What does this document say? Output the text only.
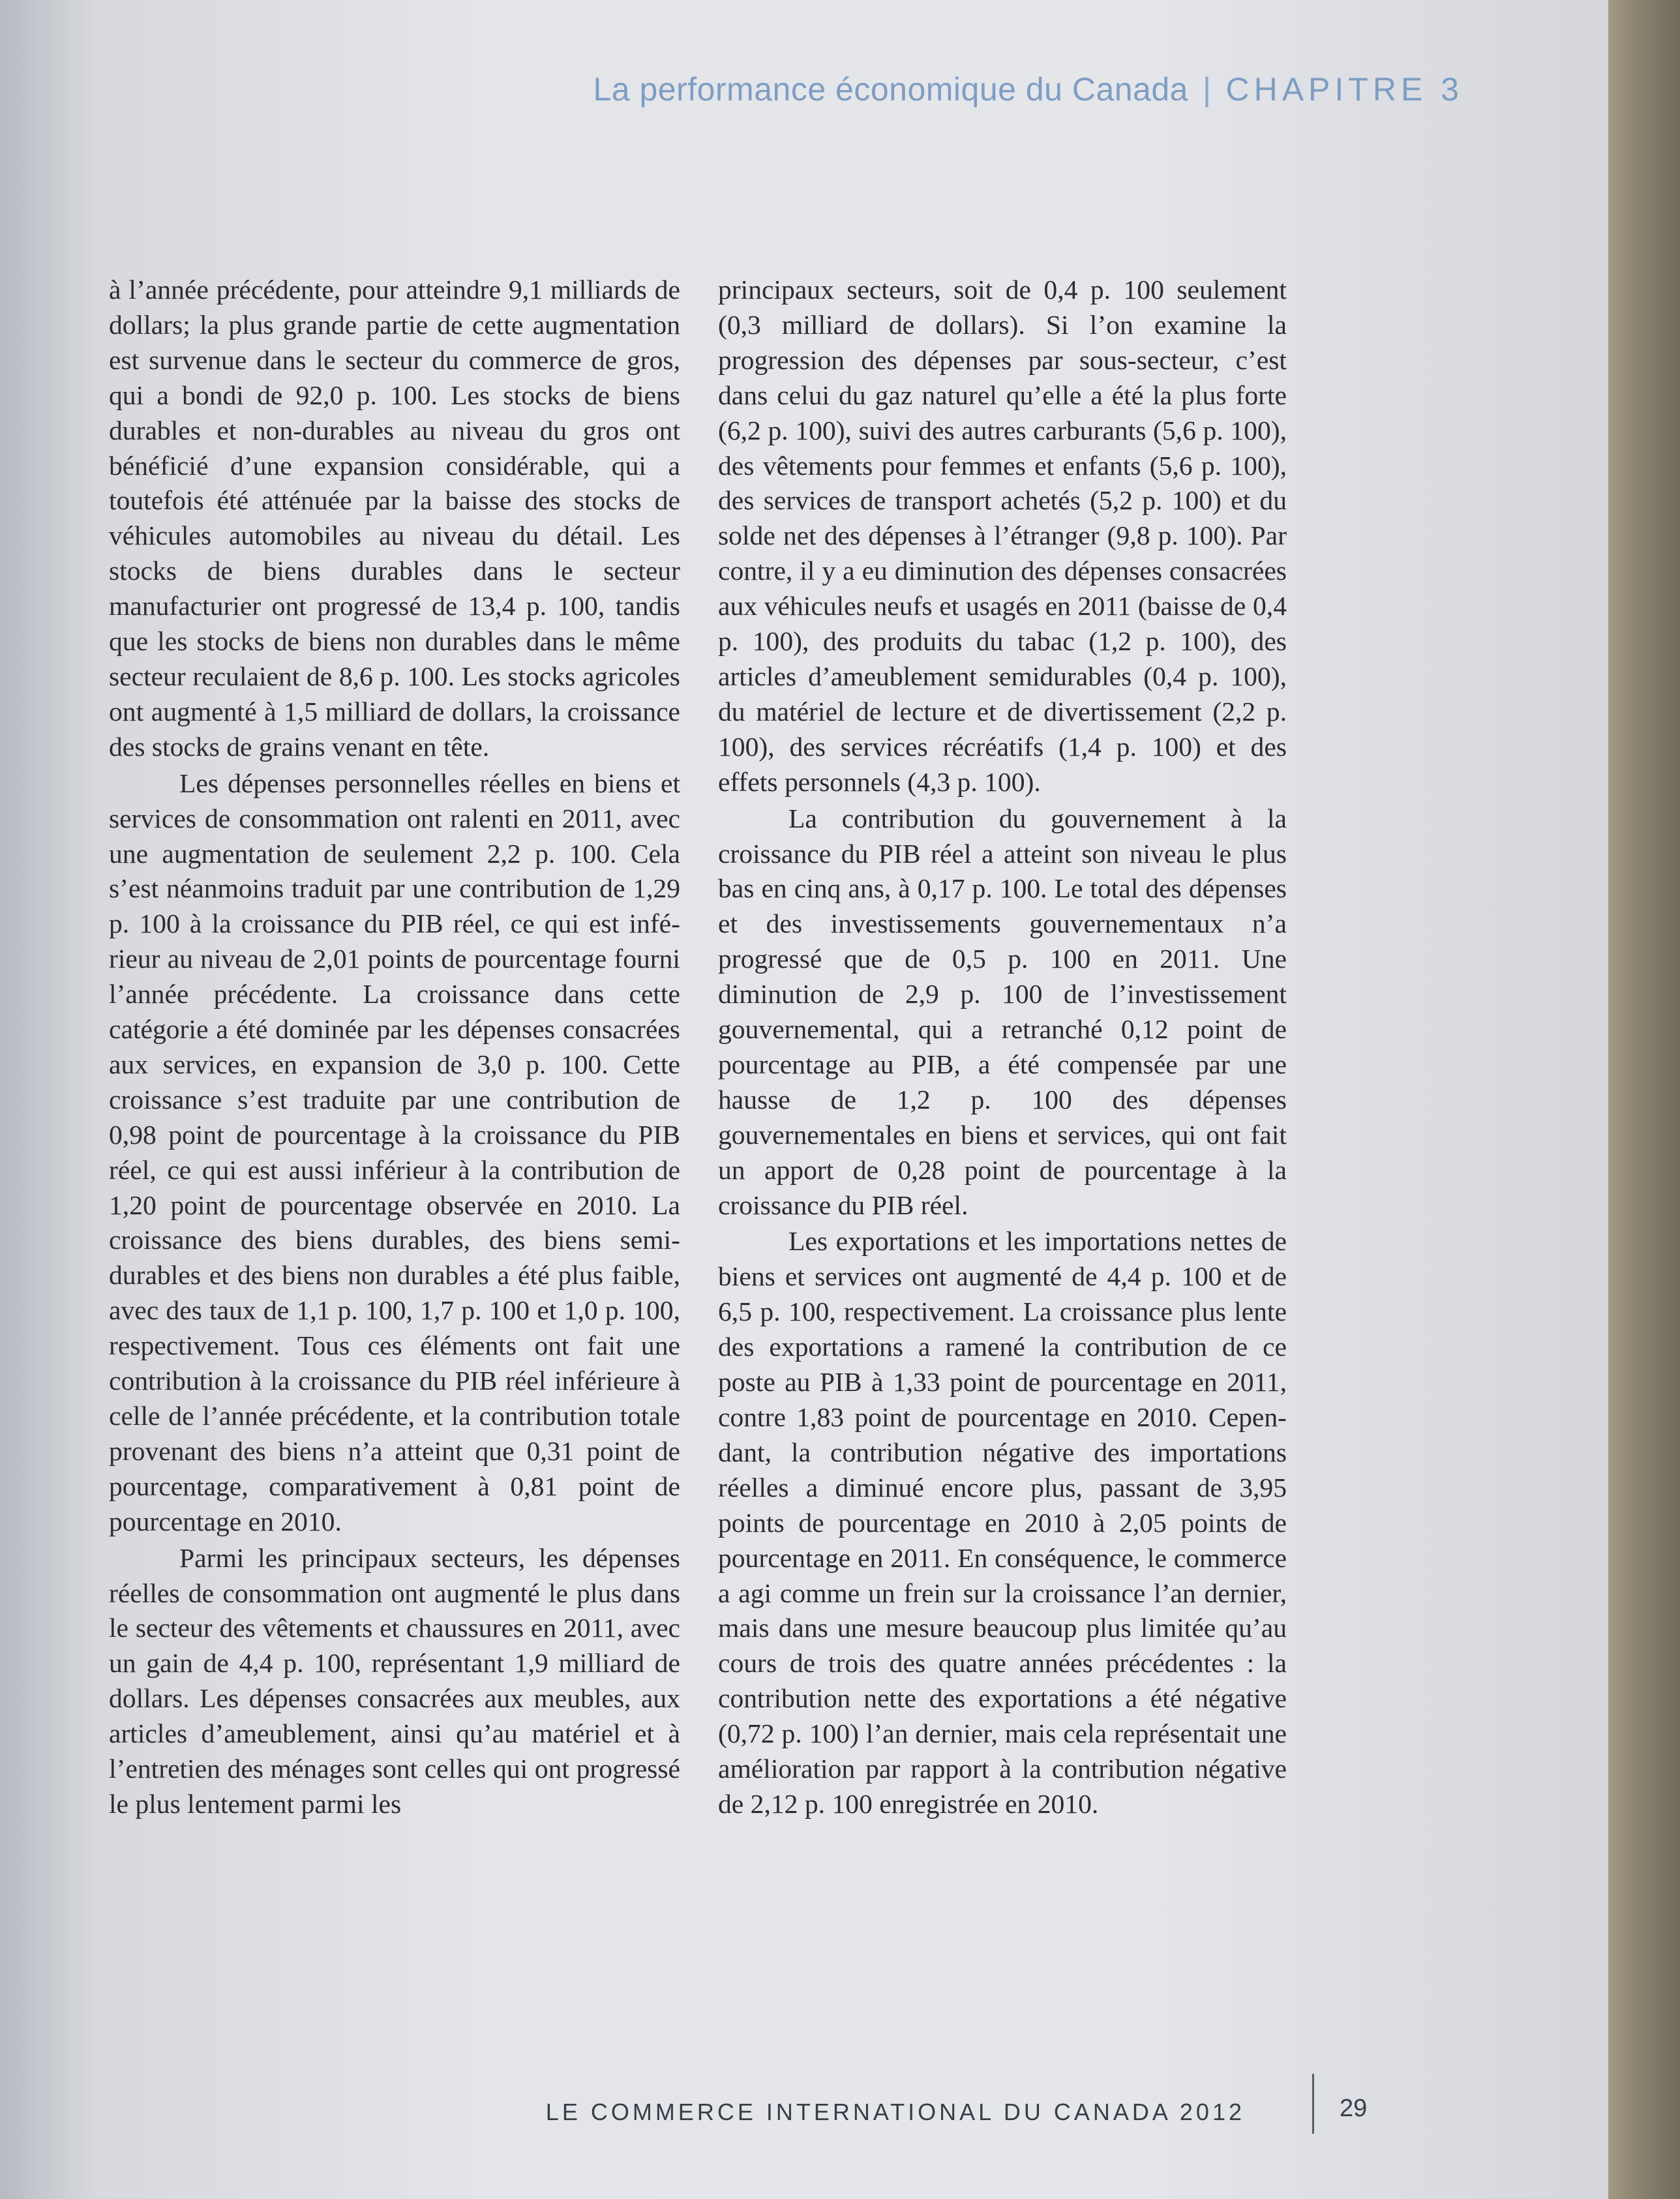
La performance économique du Canada | CHAPITRE 3

à l’année précédente, pour atteindre 9,1 milliards de dollars; la plus grande partie de cette augmentation est survenue dans le secteur du commerce de gros, qui a bondi de 92,0 p. 100. Les stocks de biens durables et non-durables au niveau du gros ont bénéficié d’une expansion considérable, qui a toutefois été atténuée par la baisse des stocks de véhicules automobiles au niveau du détail. Les stocks de biens durables dans le secteur manufacturier ont progressé de 13,4 p. 100, tandis que les stocks de biens non durables dans le même secteur reculaient de 8,6 p. 100. Les stocks agricoles ont augmenté à 1,5 milliard de dollars, la croissance des stocks de grains venant en tête.

Les dépenses personnelles réelles en biens et services de consommation ont ralenti en 2011, avec une augmentation de seulement 2,2 p. 100. Cela s’est néanmoins traduit par une contribution de 1,29 p. 100 à la croissance du PIB réel, ce qui est inférieur au niveau de 2,01 points de pourcentage fourni l’année précédente. La croissance dans cette catégorie a été dominée par les dépenses consacrées aux services, en expansion de 3,0 p. 100. Cette croissance s’est traduite par une contribution de 0,98 point de pourcentage à la croissance du PIB réel, ce qui est aussi inférieur à la contribution de 1,20 point de pourcentage observée en 2010. La croissance des biens durables, des biens semi-durables et des biens non durables a été plus faible, avec des taux de 1,1 p. 100, 1,7 p. 100 et 1,0 p. 100, respectivement. Tous ces éléments ont fait une contribution à la croissance du PIB réel inférieure à celle de l’année précédente, et la contribution totale provenant des biens n’a atteint que 0,31 point de pourcentage, comparativement à 0,81 point de pourcentage en 2010.

Parmi les principaux secteurs, les dépenses réelles de consommation ont augmenté le plus dans le secteur des vêtements et chaussures en 2011, avec un gain de 4,4 p. 100, représentant 1,9 milliard de dollars. Les dépenses consacrées aux meubles, aux articles d’ameublement, ainsi qu’au matériel et à l’entretien des ménages sont celles qui ont progressé le plus lentement parmi les

principaux secteurs, soit de 0,4 p. 100 seulement (0,3 milliard de dollars). Si l’on examine la progression des dépenses par sous-secteur, c’est dans celui du gaz naturel qu’elle a été la plus forte (6,2 p. 100), suivi des autres carburants (5,6 p. 100), des vêtements pour femmes et enfants (5,6 p. 100), des services de transport achetés (5,2 p. 100) et du solde net des dépenses à l’étranger (9,8 p. 100). Par contre, il y a eu diminution des dépenses consacrées aux véhicules neufs et usagés en 2011 (baisse de 0,4 p. 100), des produits du tabac (1,2 p. 100), des articles d’ameublement semidurables (0,4 p. 100), du matériel de lecture et de divertissement (2,2 p. 100), des services récréatifs (1,4 p. 100) et des effets personnels (4,3 p. 100).

La contribution du gouvernement à la croissance du PIB réel a atteint son niveau le plus bas en cinq ans, à 0,17 p. 100. Le total des dépenses et des investissements gouvernementaux n’a progressé que de 0,5 p. 100 en 2011. Une diminution de 2,9 p. 100 de l’investissement gouvernemental, qui a retranché 0,12 point de pourcentage au PIB, a été compensée par une hausse de 1,2 p. 100 des dépenses gouvernementales en biens et services, qui ont fait un apport de 0,28 point de pourcentage à la croissance du PIB réel.

Les exportations et les importations nettes de biens et services ont augmenté de 4,4 p. 100 et de 6,5 p. 100, respectivement. La croissance plus lente des exportations a ramené la contribution de ce poste au PIB à 1,33 point de pourcentage en 2011, contre 1,83 point de pourcentage en 2010. Cependant, la contribution négative des importations réelles a diminué encore plus, passant de 3,95 points de pourcentage en 2010 à 2,05 points de pourcentage en 2011. En conséquence, le commerce a agi comme un frein sur la croissance l’an dernier, mais dans une mesure beaucoup plus limitée qu’au cours de trois des quatre années précédentes : la contribution nette des exportations a été négative (0,72 p. 100) l’an dernier, mais cela représentait une amélioration par rapport à la contribution négative de 2,12 p. 100 enregistrée en 2010.

LE COMMERCE INTERNATIONAL DU CANADA 2012	29
